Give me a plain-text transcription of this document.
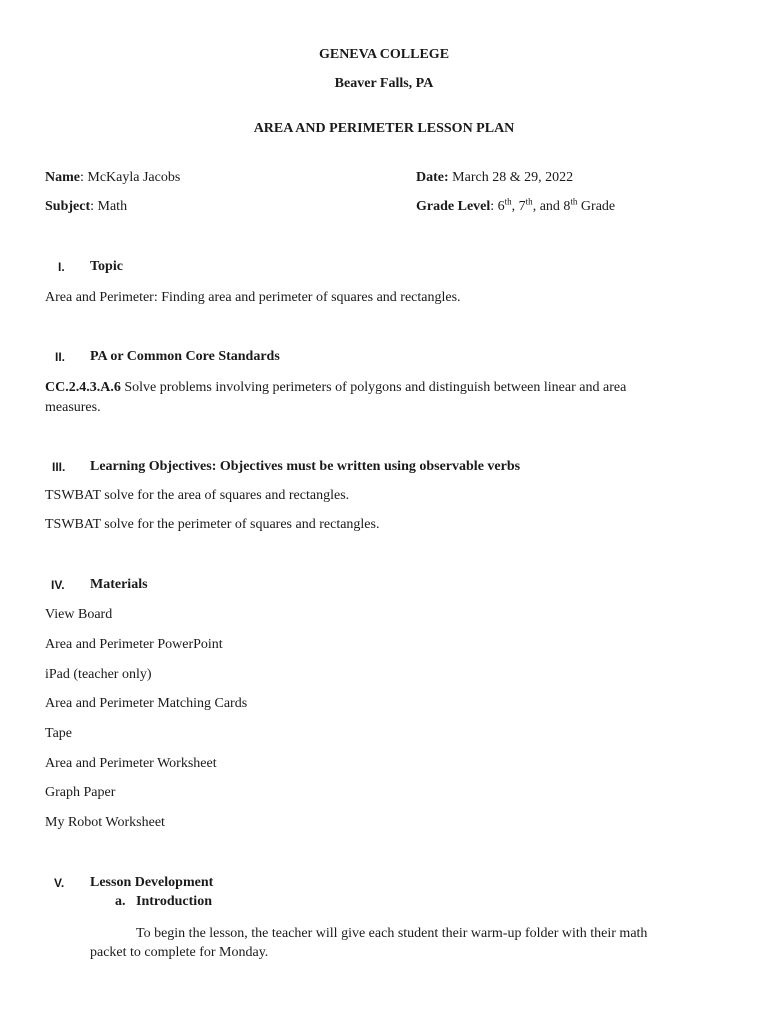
GENEVA COLLEGE
Beaver Falls, PA
AREA AND PERIMETER LESSON PLAN
Name: McKayla Jacobs	Date: March 28 & 29, 2022
Subject: Math	Grade Level: 6th, 7th, and 8th Grade
I. Topic
Area and Perimeter: Finding area and perimeter of squares and rectangles.
II. PA or Common Core Standards
CC.2.4.3.A.6 Solve problems involving perimeters of polygons and distinguish between linear and area measures.
III. Learning Objectives: Objectives must be written using observable verbs
TSWBAT solve for the area of squares and rectangles.
TSWBAT solve for the perimeter of squares and rectangles.
IV. Materials
View Board
Area and Perimeter PowerPoint
iPad (teacher only)
Area and Perimeter Matching Cards
Tape
Area and Perimeter Worksheet
Graph Paper
My Robot Worksheet
V. Lesson Development
a. Introduction
To begin the lesson, the teacher will give each student their warm-up folder with their math
packet to complete for Monday.
